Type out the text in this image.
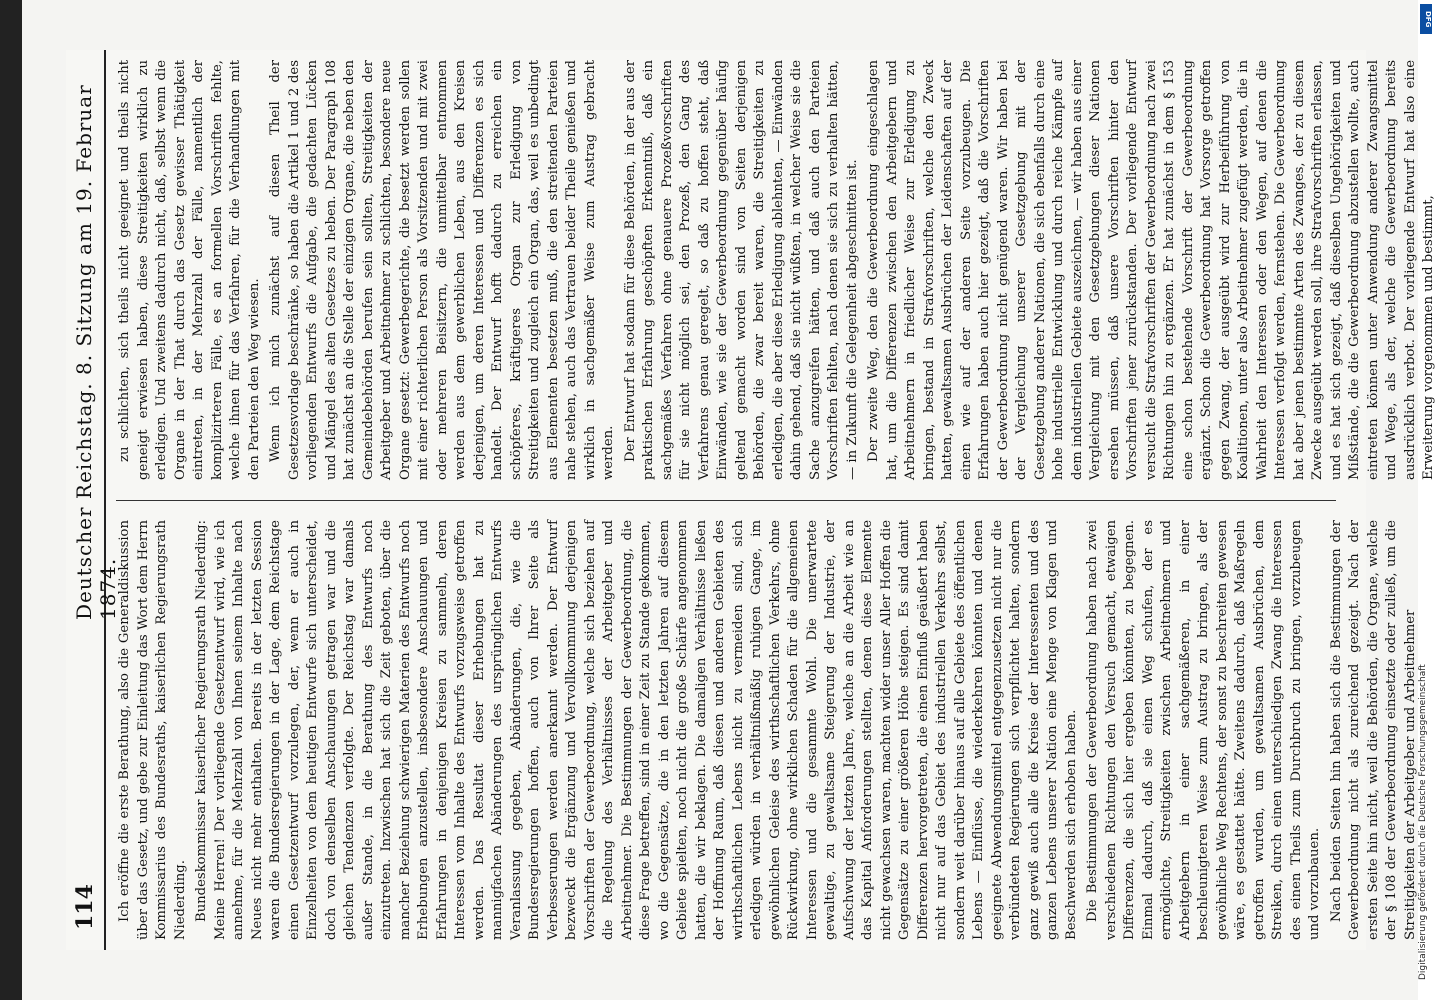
114
Deutscher Reichstag. 8. Sitzung am 19. Februar 1874.

Ich eröffne die erste Berathung, also die Generaldiskussion über das Gesetz, und gebe zur Einleitung das Wort dem Herrn Kommissarius des Bundesraths, kaiserlichen Regierungsrath Niederding. Bundeskommissar kaiserlicher Regierungsrath Niederding: Meine Herren! Der vorliegende Gesetzentwurf wird, wie ich annehme, für die Mehrzahl von Ihnen seinem Inhalte nach Neues nicht mehr enthalten. Bereits in der letzten Session waren die Bundesregierungen in der Lage, dem Reichstage einen Gesetzentwurf vorzulegen, der, wenn er auch in Einzelheiten von dem heutigen Entwurfe sich unterscheidet, doch von denselben Anschauungen getragen war und die gleichen Tendenzen verfolgte. Der Reichstag war damals außer Stande, in die Berathung des Entwurfs noch einzutreten. Inzwischen hat sich die Zeit geboten, über die mancher Beziehung schwierigen Materien des Entwurfs noch Erhebungen anzustellen, insbesondere Anschauungen und Erfahrungen in denjenigen Kreisen zu sammeln, deren Interessen vom Inhalte des Entwurfs vorzugsweise getroffen werden. Das Resultat dieser Erhebungen hat zu mannigfachen Abänderungen des ursprünglichen Entwurfs Veranlassung gegeben, Abänderungen, die, wie die Bundesregierungen hoffen, auch von Ihrer Seite als Verbesserungen werden anerkannt werden. Der Entwurf bezweckt die Ergänzung und Vervollkommnung derjenigen Vorschriften der Gewerbeordnung, welche sich beziehen auf die Regelung des Verhältnisses der Arbeitgeber und Arbeitnehmer. Die Bestimmungen der Gewerbeordnung, die diese Frage betreffen, sind in einer Zeit zu Stande gekommen, wo die Gegensätze, die in den letzten Jahren auf diesem Gebiete spielten, noch nicht die große Schärfe angenommen hatten, die wir beklagen. Die damaligen Verhältnisse ließen der Hoffnung Raum, daß diesen und anderen Gebieten des wirthschaftlichen Lebens nicht zu vermeiden sind, sich erledigen würden in verhältnißmäßig ruhigen Gange, im gewöhnlichen Geleise des wirthschaftlichen Verkehrs, ohne Rückwirkung, ohne wirklichen Schaden für die allgemeinen Interessen und die gesammte Wohl. Die unerwartete gewaltige, zu gewaltsame Steigerung der Industrie, der Aufschwung der letzten Jahre, welche an die Arbeit wie an das Kapital Anforderungen stellten, denen diese Elemente nicht gewachsen waren, machten wider unser Aller Hoffen die Gegensätze zu einer größeren Höhe steigen. Es sind damit Differenzen hervorgetreten, die einen Einfluß geäußert haben nicht nur auf das Gebiet des industriellen Verkehrs selbst, sondern weit darüber hinaus auf alle Gebiete des öffentlichen Lebens — Einflüsse, die wiederkehren könnten und denen geeignete Abwendungsmittel entgegenzusetzen nicht nur die verbündeten Regierungen sich verpflichtet halten, sondern ganz gewiß auch alle die Kreise der Interessenten und des ganzen Lebens unserer Nation eine Menge von Klagen und Beschwerden sich erhoben haben. Die Bestimmungen der Gewerbeordnung haben nach zwei verschiedenen Richtungen den Versuch gemacht, etwaigen Differenzen, die sich hier ergeben könnten, zu begegnen. Einmal dadurch, daß sie einen Weg schufen, der es ermöglichte, Streitigkeiten zwischen Arbeitnehmern und Arbeitgebern in einer sachgemäßeren, in einer beschleunigteren Weise zum Austrag zu bringen, als der gewöhnliche Weg Rechtens, der sonst zu beschreiten gewesen wäre, es gestattet hätte. Zweitens dadurch, daß Maßregeln getroffen wurden, um gewaltsamen Ausbrüchen, dem Streiken, durch einen unterschiedigen Zwang die Interessen des einen Theils zum Durchbruch zu bringen, vorzubeugen und vorzubauen. Nach beiden Seiten hin haben sich die Bestimmungen der Gewerbeordnung nicht als zureichend gezeigt. Nach der ersten Seite hin nicht, weil die Behörden, die Organe, welche der § 108 der Gewerbeordnung einsetzte oder zuließ, um die Streitigkeiten der Arbeitgeber und Arbeitnehmer

zu schlichten, sich theils nicht geeignet und theils nicht geneigt erwiesen haben, diese Streitigkeiten wirklich zu erledigen. Und zweitens dadurch nicht, daß, selbst wenn die Organe in der That durch das Gesetz gewisser Thätigkeit eintreten, in der Mehrzahl der Fälle, namentlich der komplizirteren Fälle, es an formellen Vorschriften fehlte, welche ihnen für das Verfahren, für die Verhandlungen mit den Parteien den Weg wiesen. Wenn ich mich zunächst auf diesen Theil der Gesetzesvorlage beschränke, so haben die Artikel 1 und 2 des vorliegenden Entwurfs die Aufgabe, die gedachten Lücken und Mängel des alten Gesetzes zu heben. Der Paragraph 108 hat zunächst an die Stelle der einzigen Organe, die neben den Gemeindebehörden berufen sein sollten, Streitigkeiten der Arbeitgeber und Arbeitnehmer zu schlichten, besondere neue Organe gesetzt: Gewerbegerichte, die besetzt werden sollen mit einer richterlichen Person als Vorsitzenden und mit zwei oder mehreren Beisitzern, die unmittelbar entnommen werden aus dem gewerblichen Leben, aus den Kreisen derjenigen, um deren Interessen und Differenzen es sich handelt. Der Entwurf hofft dadurch zu erreichen ein schöpferes, kräftigeres Organ zur Erledigung von Streitigkeiten und zugleich ein Organ, das, weil es unbedingt aus Elementen besetzen muß, die den streitenden Parteien nahe stehen, auch das Vertrauen beider Theile genießen und wirklich in sachgemäßer Weise zum Austrag gebracht werden. Der Entwurf hat sodann für diese Behörden, in der aus der praktischen Erfahrung geschöpften Erkenntniß, daß ein sachgemäßes Verfahren ohne genauere Prozeßvorschriften für sie nicht möglich sei, den Prozeß, den Gang des Verfahrens genau geregelt, so daß zu hoffen steht, daß Einwänden, wie sie der Gewerbeordnung gegenüber häufig geltend gemacht worden sind von Seiten derjenigen Behörden, die zwar bereit waren, die Streitigkeiten zu erledigen, die aber diese Erledigung ablehnten, — Einwänden dahin gehend, daß sie nicht wüßten, in welcher Weise sie die Sache anzugreifen hätten, und daß auch den Parteien Vorschriften fehlten, nach denen sie sich zu verhalten hätten, — in Zukunft die Gelegenheit abgeschnitten ist. Der zweite Weg, den die Gewerbeordnung eingeschlagen hat, um die Differenzen zwischen den Arbeitgebern und Arbeitnehmern in friedlicher Weise zur Erledigung zu bringen, bestand in Strafvorschriften, welche den Zweck hatten, gewaltsamen Ausbrüchen der Leidenschaften auf der einen wie auf der anderen Seite vorzubeugen. Die Erfahrungen haben auch hier gezeigt, daß die Vorschriften der Gewerbeordnung nicht genügend waren. Wir haben bei der Vergleichung unserer Gesetzgebung mit der Gesetzgebung anderer Nationen, die sich ebenfalls durch eine hohe industrielle Entwicklung und durch reiche Kämpfe auf dem industriellen Gebiete auszeichnen, — wir haben aus einer Vergleichung mit den Gesetzgebungen dieser Nationen ersehen müssen, daß unsere Vorschriften hinter den Vorschriften jener zurückstanden. Der vorliegende Entwurf versucht die Strafvorschriften der Gewerbeordnung nach zwei Richtungen hin zu ergänzen. Er hat zunächst in dem § 153 eine schon bestehende Vorschrift der Gewerbeordnung ergänzt. Schon die Gewerbeordnung hat Vorsorge getroffen gegen Zwang, der ausgeübt wird zur Herbeiführung von Koalitionen, unter also Arbeitnehmer zugefügt werden, die in Wahrheit den Interessen oder den Wegen, auf denen die Interessen verfolgt werden, fernstehen. Die Gewerbeordnung hat aber jenen bestimmte Arten des Zwanges, der zu diesem Zwecke ausgeübt werden soll, ihre Strafvorschriften erlassen, und es hat sich gezeigt, daß dieselben Ungehörigkeiten und Mißstände, die die Gewerbeordnung abzustellen wollte, auch eintreten können unter Anwendung anderer Zwangsmittel und Wege, als der, welche die Gewerbeordnung bereits ausdrücklich verbot. Der vorliegende Entwurf hat also eine Erweiterung vorgenommen und bestimmt,

Digitalisierung gefördert durch die Deutsche Forschungsgemeinschaft
DFG
